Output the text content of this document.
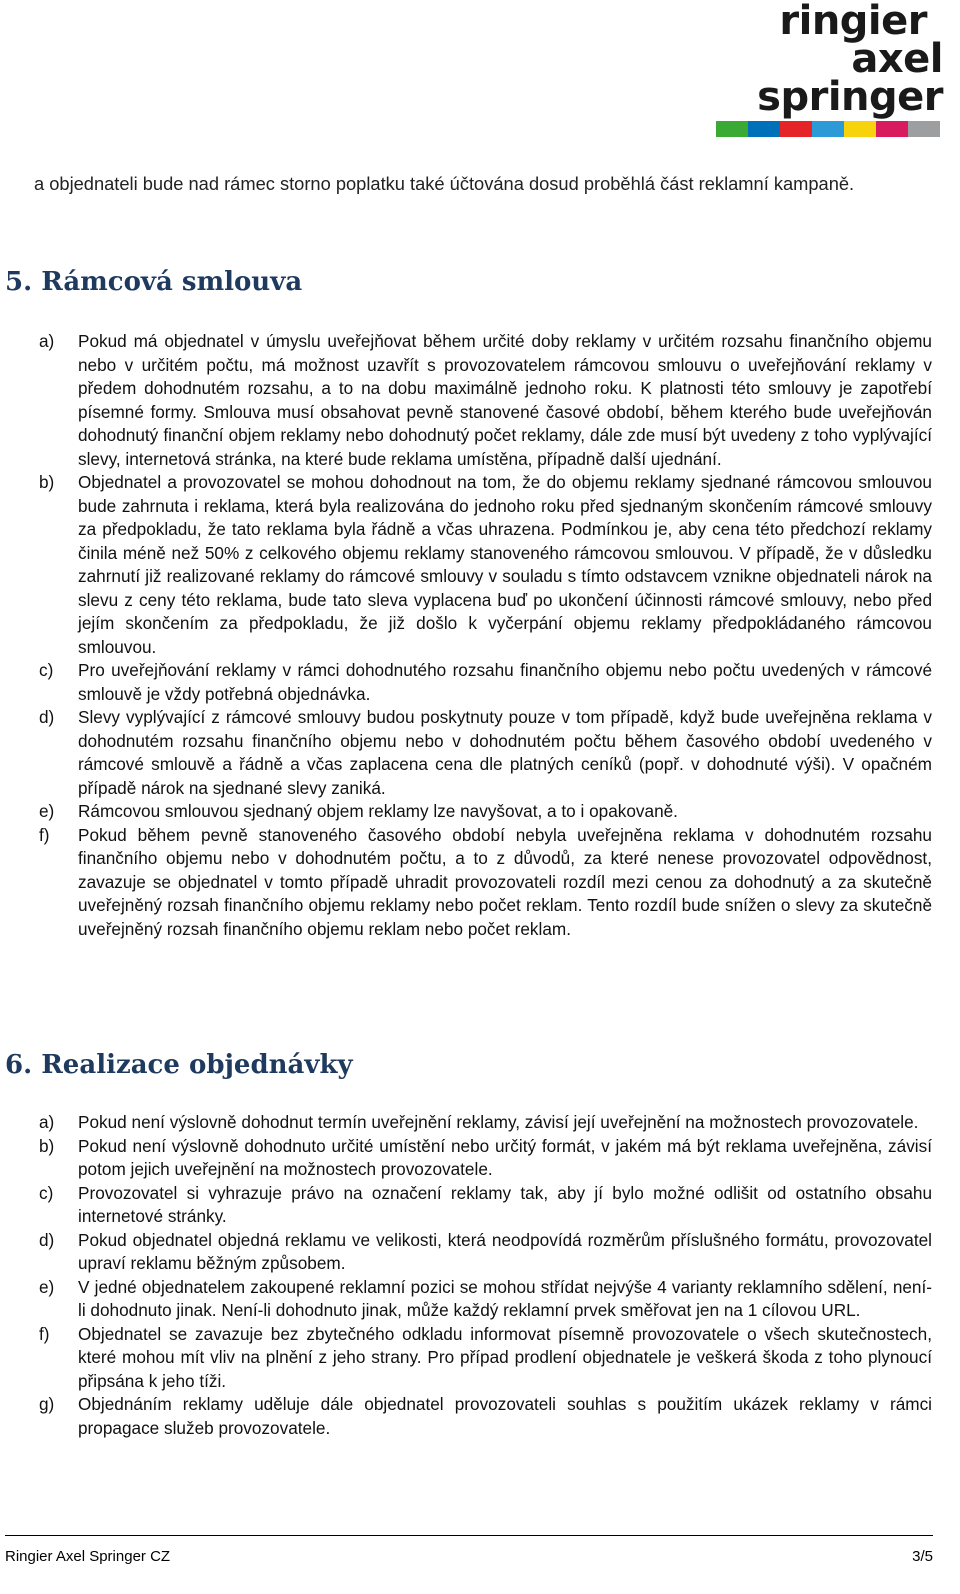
ringier
axel springer

a objednateli bude nad rámec storno poplatku také účtována dosud proběhlá část reklamní kampaně.

5. Rámcová smlouva
a) Pokud má objednatel v úmyslu uveřejňovat během určité doby reklamy v určitém rozsahu finančního objemu nebo v určitém počtu, má možnost uzavřít s provozovatelem rámcovou smlouvu o uveřejňování reklamy v předem dohodnutém rozsahu, a to na dobu maximálně jednoho roku. K platnosti této smlouvy je zapotřebí písemné formy. Smlouva musí obsahovat pevně stanovené časové období, během kterého bude uveřejňován dohodnutý finanční objem reklamy nebo dohodnutý počet reklamy, dále zde musí být uvedeny z toho vyplývající slevy, internetová stránka, na které bude reklama umístěna, případně další ujednání.
b) Objednatel a provozovatel se mohou dohodnout na tom, že do objemu reklamy sjednané rámcovou smlouvou bude zahrnuta i reklama, která byla realizována do jednoho roku před sjednaným skončením rámcové smlouvy za předpokladu, že tato reklama byla řádně a včas uhrazena. Podmínkou je, aby cena této předchozí reklamy činila méně než 50% z celkového objemu reklamy stanoveného rámcovou smlouvou. V případě, že v důsledku zahrnutí již realizované reklamy do rámcové smlouvy v souladu s tímto odstavcem vznikne objednateli nárok na slevu z ceny této reklama, bude tato sleva vyplacena buď po ukončení účinnosti rámcové smlouvy, nebo před jejím skončením za předpokladu, že již došlo k vyčerpání objemu reklamy předpokládaného rámcovou smlouvou.
c) Pro uveřejňování reklamy v rámci dohodnutého rozsahu finančního objemu nebo počtu uvedených v rámcové smlouvě je vždy potřebná objednávka.
d) Slevy vyplývající z rámcové smlouvy budou poskytnuty pouze v tom případě, když bude uveřejněna reklama v dohodnutém rozsahu finančního objemu nebo v dohodnutém počtu během časového období uvedeného v rámcové smlouvě a řádně a včas zaplacena cena dle platných ceníků (popř. v dohodnuté výši). V opačném případě nárok na sjednané slevy zaniká.
e) Rámcovou smlouvou sjednaný objem reklamy lze navyšovat, a to i opakovaně.
f) Pokud během pevně stanoveného časového období nebyla uveřejněna reklama v dohodnutém rozsahu finančního objemu nebo v dohodnutém počtu, a to z důvodů, za které nenese provozovatel odpovědnost, zavazuje se objednatel v tomto případě uhradit provozovateli rozdíl mezi cenou za dohodnutý a za skutečně uveřejněný rozsah finančního objemu reklamy nebo počet reklam. Tento rozdíl bude snížen o slevy za skutečně uveřejněný rozsah finančního objemu reklam nebo počet reklam.
6. Realizace objednávky
a) Pokud není výslovně dohodnut termín uveřejnění reklamy, závisí její uveřejnění na možnostech provozovatele.
b) Pokud není výslovně dohodnuto určité umístění nebo určitý formát, v jakém má být reklama uveřejněna, závisí potom jejich uveřejnění na možnostech provozovatele.
c) Provozovatel si vyhrazuje právo na označení reklamy tak, aby jí bylo možné odlišit od ostatního obsahu internetové stránky.
d) Pokud objednatel objedná reklamu ve velikosti, která neodpovídá rozměrům příslušného formátu, provozovatel upraví reklamu běžným způsobem.
e) V jedné objednatelem zakoupené reklamní pozici se mohou střídat nejvýše 4 varianty reklamního sdělení, není-li dohodnuto jinak. Není-li dohodnuto jinak, může každý reklamní prvek směřovat jen na 1 cílovou URL.
f) Objednatel se zavazuje bez zbytečného odkladu informovat písemně provozovatele o všech skutečnostech, které mohou mít vliv na plnění z jeho strany. Pro případ prodlení objednatele je veškerá škoda z toho plynoucí připsána k jeho tíži.
g) Objednáním reklamy uděluje dále objednatel provozovateli souhlas s použitím ukázek reklamy v rámci propagace služeb provozovatele.
Ringier Axel Springer CZ	3/5
